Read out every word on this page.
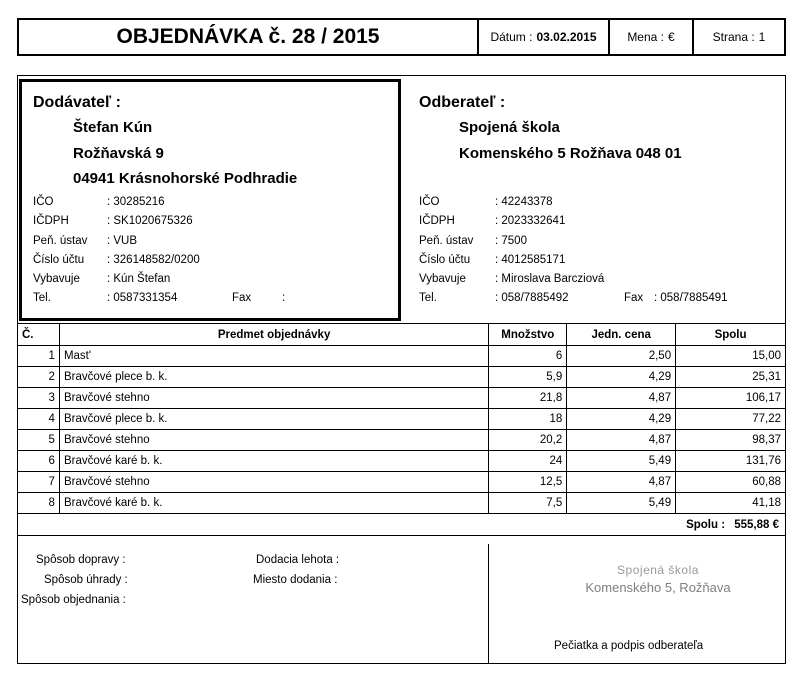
OBJEDNÁVKA č. 28 / 2015	Dátum : 03.02.2015	Mena : €	Strana : 1
Dodávateľ :
Štefan Kún
Rožňavská 9
04941 Krásnohorské Podhradie
IČO	: 30285216
IČDPH	: SK1020675326
Peň. ústav : VUB
Číslo účtu : 326148582/0200
Vybavuje : Kún Štefan
Tel.	: 0587331354	Fax	:
Odberateľ :
Spojená škola
Komenského 5 Rožňava 048 01
IČO	: 42243378
IČDPH	: 2023332641
Peň. ústav : 7500
Číslo účtu : 4012585171
Vybavuje	: Miroslava Barcziová
Tel.	: 058/7885492	Fax : 058/7885491
Č.	Predmet objednávky	Množstvo	Jedn. cena	Spolu
1	Mast'	6	2,50	15,00
2	Bravčové plece b. k.	5,9	4,29	25,31
3	Bravčové stehno	21,8	4,87	106,17
4	Bravčové plece b. k.	18	4,29	77,22
5	Bravčové stehno	20,2	4,87	98,37
6	Bravčové karé b. k.	24	5,49	131,76
7	Bravčové stehno	12,5	4,87	60,88
8	Bravčové karé b. k.	7,5	5,49	41,18
Spolu : 555,88 €				
Spôsob dopravy :
Spôsob úhrady :
Spôsob objednania :
Dodacia lehota :
Miesto dodania :
Spojená škola
Komenského 5, Rožňava
Pečiatka a podpis odberateľa
